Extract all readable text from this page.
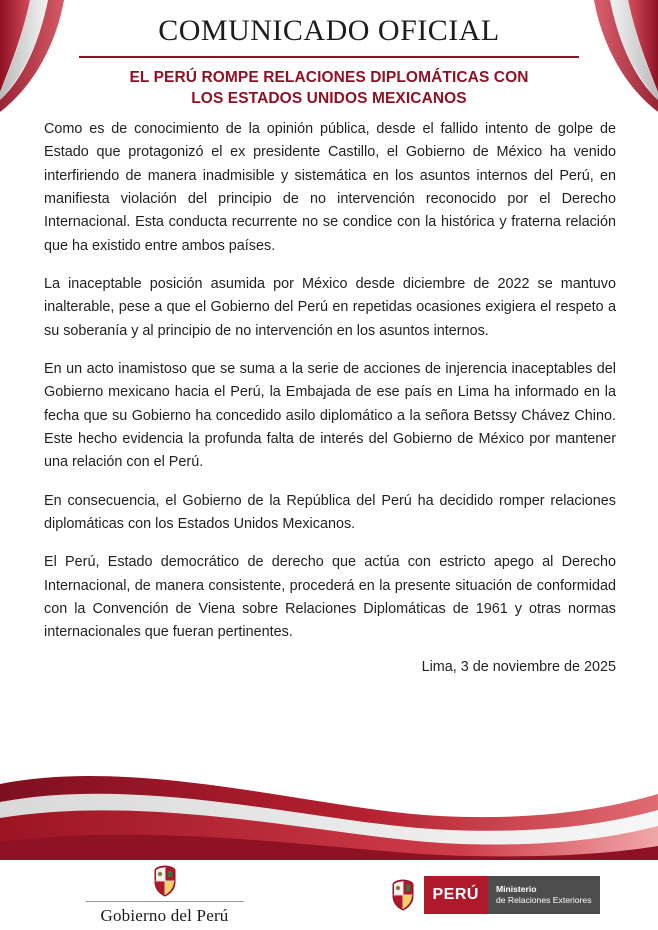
COMUNICADO OFICIAL
EL PERÚ ROMPE RELACIONES DIPLOMÁTICAS CON
LOS ESTADOS UNIDOS MEXICANOS

Como es de conocimiento de la opinión pública, desde el fallido intento de golpe de Estado que protagonizó el ex presidente Castillo, el Gobierno de México ha venido interfiriendo de manera inadmisible y sistemática en los asuntos internos del Perú, en manifiesta violación del principio de no intervención reconocido por el Derecho Internacional. Esta conducta recurrente no se condice con la histórica y fraterna relación que ha existido entre ambos países.

La inaceptable posición asumida por México desde diciembre de 2022 se mantuvo inalterable, pese a que el Gobierno del Perú en repetidas ocasiones exigiera el respeto a su soberanía y al principio de no intervención en los asuntos internos.

En un acto inamistoso que se suma a la serie de acciones de injerencia inaceptables del Gobierno mexicano hacia el Perú, la Embajada de ese país en Lima ha informado en la fecha que su Gobierno ha concedido asilo diplomático a la señora Betssy Chávez Chino. Este hecho evidencia la profunda falta de interés del Gobierno de México por mantener una relación con el Perú.

En consecuencia, el Gobierno de la República del Perú ha decidido romper relaciones diplomáticas con los Estados Unidos Mexicanos.

El Perú, Estado democrático de derecho que actúa con estricto apego al Derecho Internacional, de manera consistente, procederá en la presente situación de conformidad con la Convención de Viena sobre Relaciones Diplomáticas de 1961 y otras normas internacionales que fueran pertinentes.

Lima, 3 de noviembre de 2025
Gobierno del Perú
PERÚ	Ministerio
de Relaciones Exteriores
